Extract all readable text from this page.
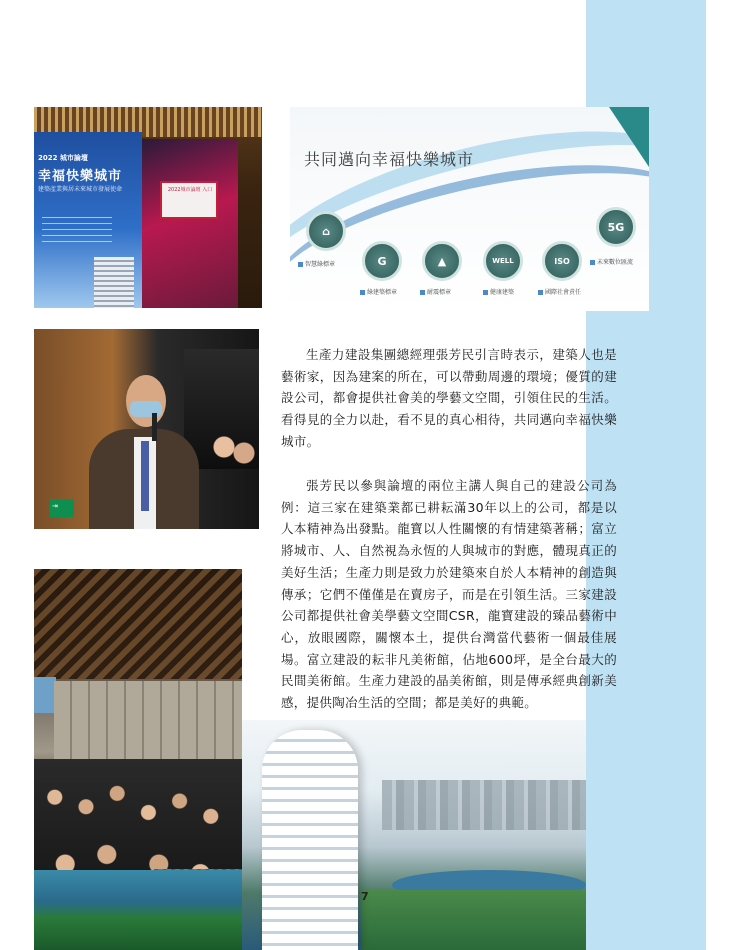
2022 城市論壇
幸福快樂城市
建築產業與居未來城市發展使命	2022城市論壇 入口
共同邁向幸福快樂城市
⌂
智慧綠標章	G
綠建築標章
▲
耐震標章
WELL
健康建築
ISO
國際社會責任
5G
未來數位匯流
⇥

生產力建設集團總經理張芳民引言時表示，建築人也是藝術家，因為建案的所在，可以帶動周邊的環境；優質的建設公司，都會提供社會美的學藝文空間，引領住民的生活。看得見的全力以赴，看不見的真心相待，共同邁向幸福快樂城市。

張芳民以參與論壇的兩位主講人與自己的建設公司為例：這三家在建築業都已耕耘滿30年以上的公司，都是以人本精神為出發點。龍寶以人性關懷的有情建築著稱；富立將城市、人、自然視為永恆的人與城市的對應，體現真正的美好生活；生產力則是致力於建築來自於人本精神的創造與傳承；它們不僅僅是在賣房子，而是在引領生活。三家建設公司都提供社會美學藝文空間CSR，龍寶建設的臻品藝術中心，放眼國際，關懷本土，提供台灣當代藝術一個最佳展場。富立建設的耘非凡美術館，佔地600坪，是全台最大的民間美術館。生產力建設的晶美術館，則是傳承經典創新美感，提供陶冶生活的空間；都是美好的典範。

7
